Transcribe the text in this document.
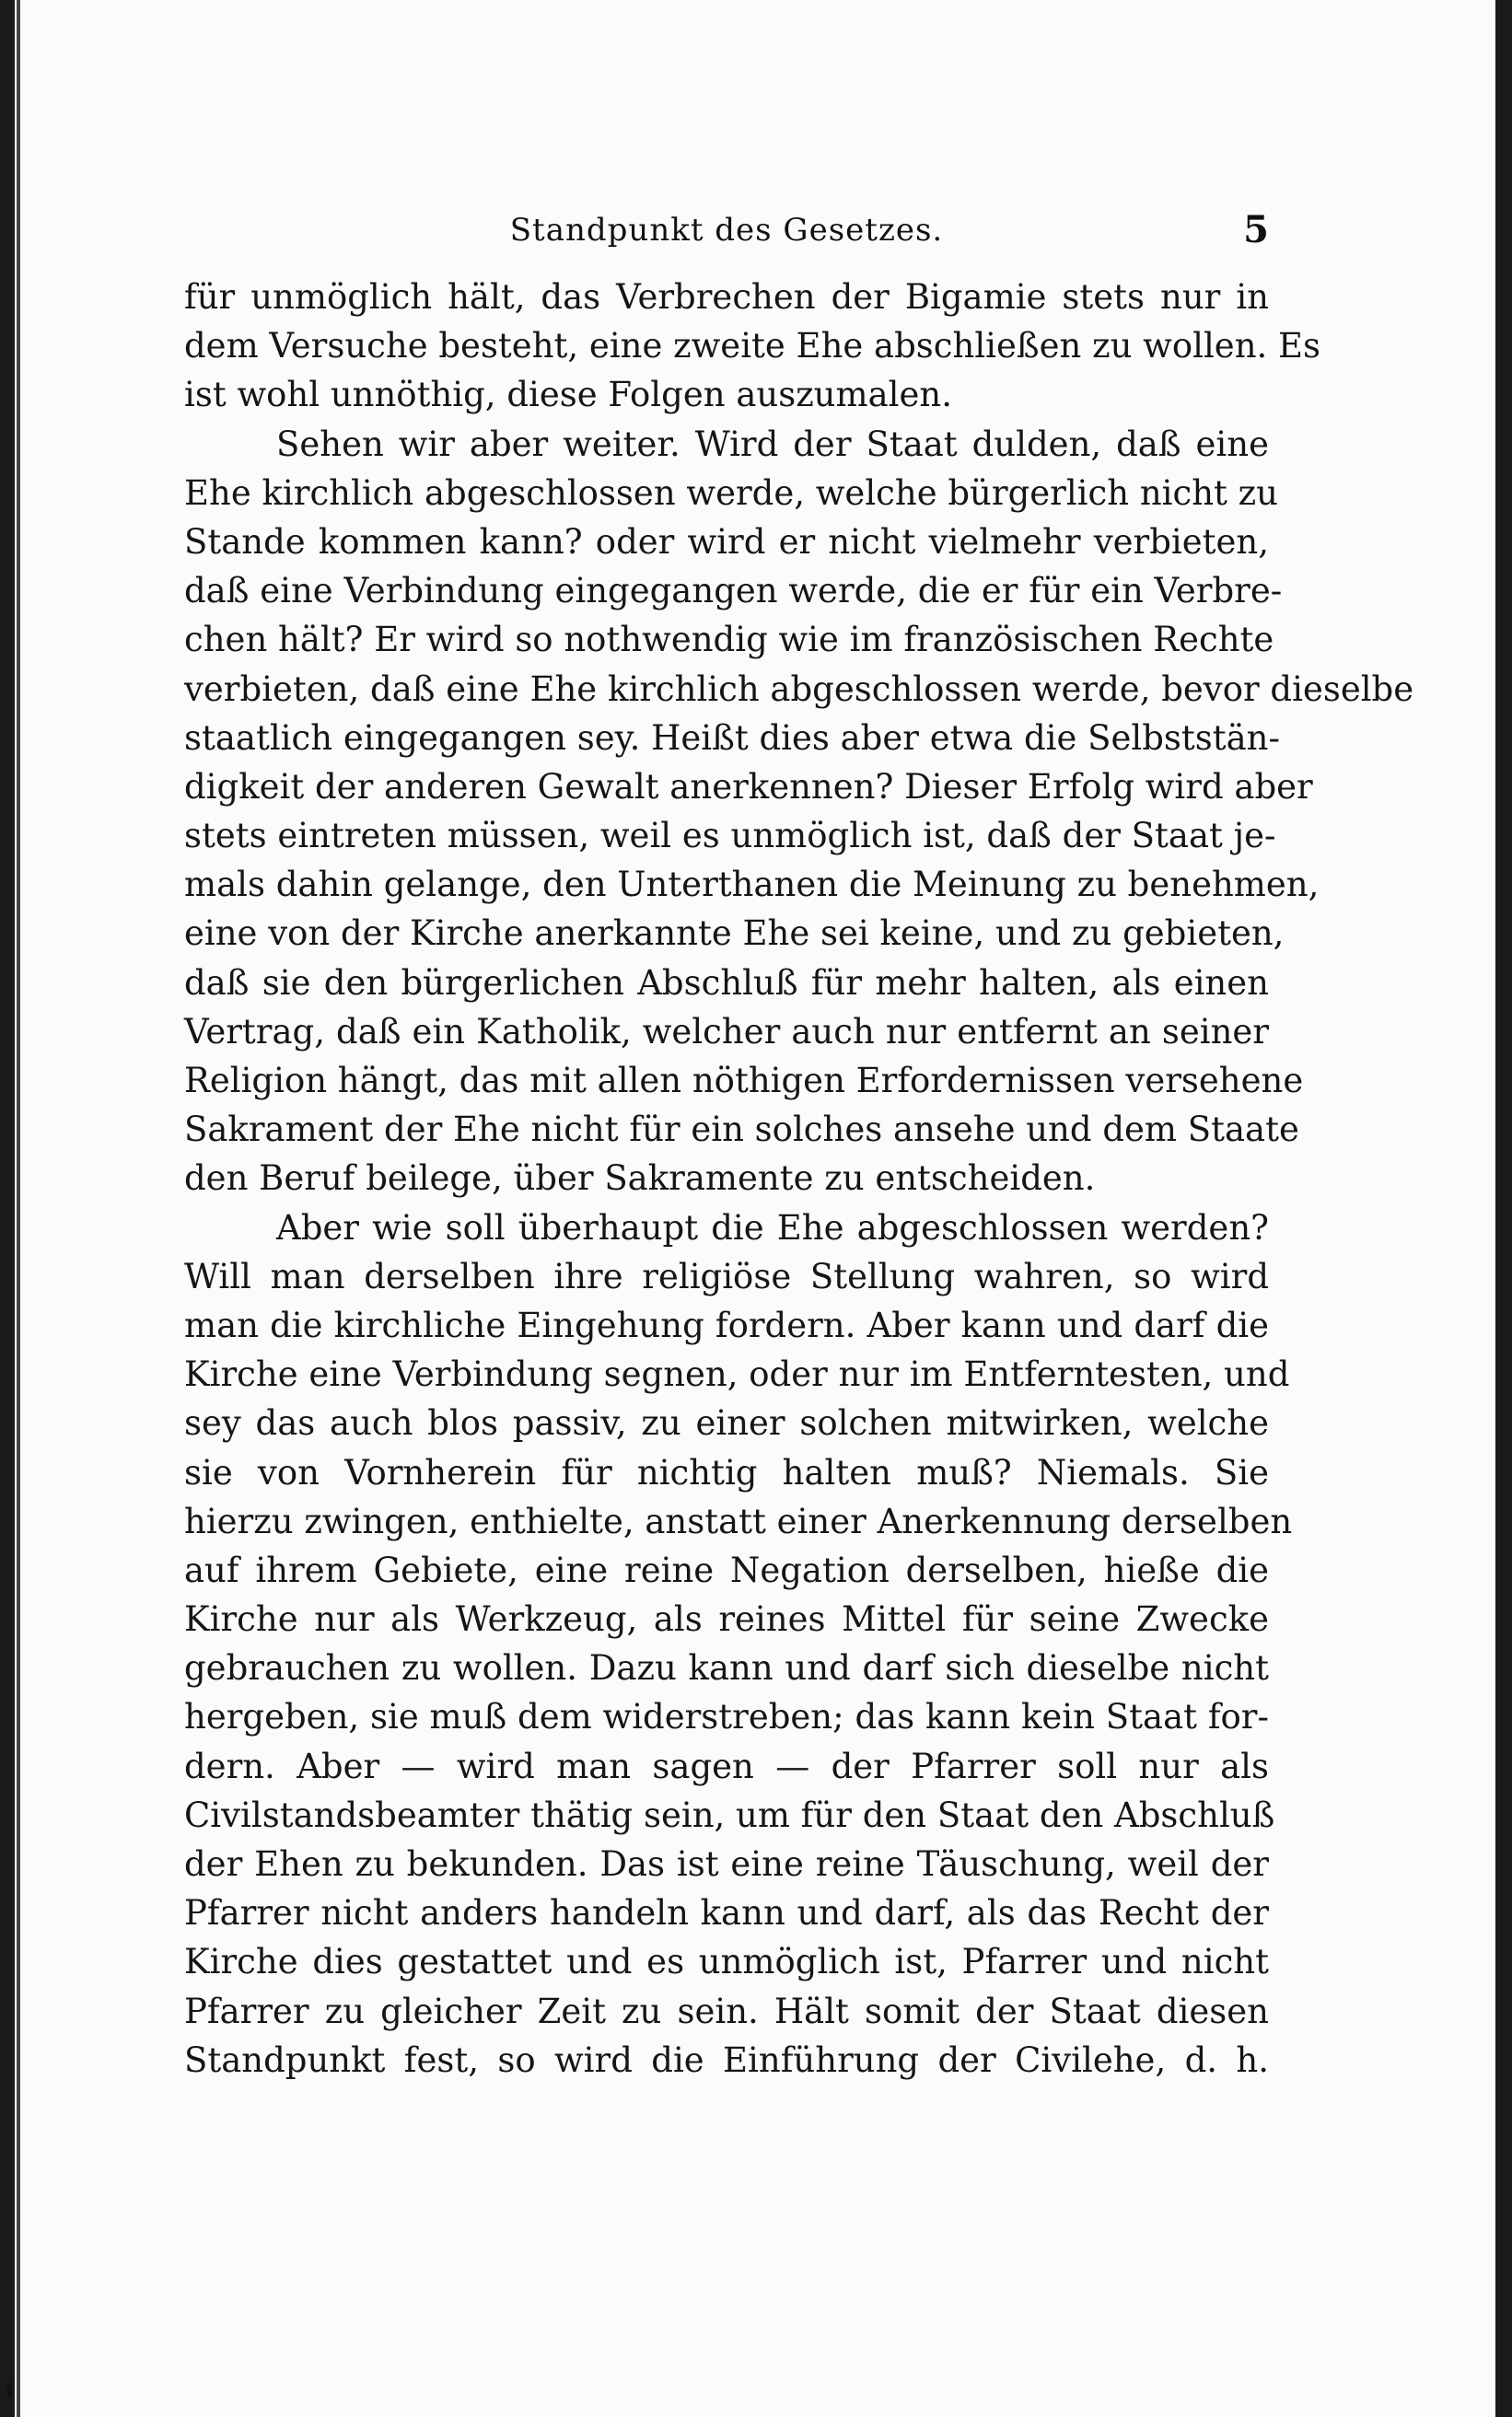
Standpunkt des Gesetzes.	5
für unmöglich hält, das Verbrechen der Bigamie stets nur in
dem Versuche besteht, eine zweite Ehe abschließen zu wollen. Es
ist wohl unnöthig, diese Folgen auszumalen.
Sehen wir aber weiter. Wird der Staat dulden, daß eine
Ehe kirchlich abgeschlossen werde, welche bürgerlich nicht zu
Stande kommen kann? oder wird er nicht vielmehr verbieten,
daß eine Verbindung eingegangen werde, die er für ein Verbre-
chen hält? Er wird so nothwendig wie im französischen Rechte
verbieten, daß eine Ehe kirchlich abgeschlossen werde, bevor dieselbe
staatlich eingegangen sey. Heißt dies aber etwa die Selbststän-
digkeit der anderen Gewalt anerkennen? Dieser Erfolg wird aber
stets eintreten müssen, weil es unmöglich ist, daß der Staat je-
mals dahin gelange, den Unterthanen die Meinung zu benehmen,
eine von der Kirche anerkannte Ehe sei keine, und zu gebieten,
daß sie den bürgerlichen Abschluß für mehr halten, als einen
Vertrag, daß ein Katholik, welcher auch nur entfernt an seiner
Religion hängt, das mit allen nöthigen Erfordernissen versehene
Sakrament der Ehe nicht für ein solches ansehe und dem Staate
den Beruf beilege, über Sakramente zu entscheiden.
Aber wie soll überhaupt die Ehe abgeschlossen werden?
Will man derselben ihre religiöse Stellung wahren, so wird
man die kirchliche Eingehung fordern. Aber kann und darf die
Kirche eine Verbindung segnen, oder nur im Entferntesten, und
sey das auch blos passiv, zu einer solchen mitwirken, welche
sie von Vornherein für nichtig halten muß? Niemals. Sie
hierzu zwingen, enthielte, anstatt einer Anerkennung derselben
auf ihrem Gebiete, eine reine Negation derselben, hieße die
Kirche nur als Werkzeug, als reines Mittel für seine Zwecke
gebrauchen zu wollen. Dazu kann und darf sich dieselbe nicht
hergeben, sie muß dem widerstreben; das kann kein Staat for-
dern. Aber — wird man sagen — der Pfarrer soll nur als
Civilstandsbeamter thätig sein, um für den Staat den Abschluß
der Ehen zu bekunden. Das ist eine reine Täuschung, weil der
Pfarrer nicht anders handeln kann und darf, als das Recht der
Kirche dies gestattet und es unmöglich ist, Pfarrer und nicht
Pfarrer zu gleicher Zeit zu sein. Hält somit der Staat diesen
Standpunkt fest, so wird die Einführung der Civilehe, d. h.
